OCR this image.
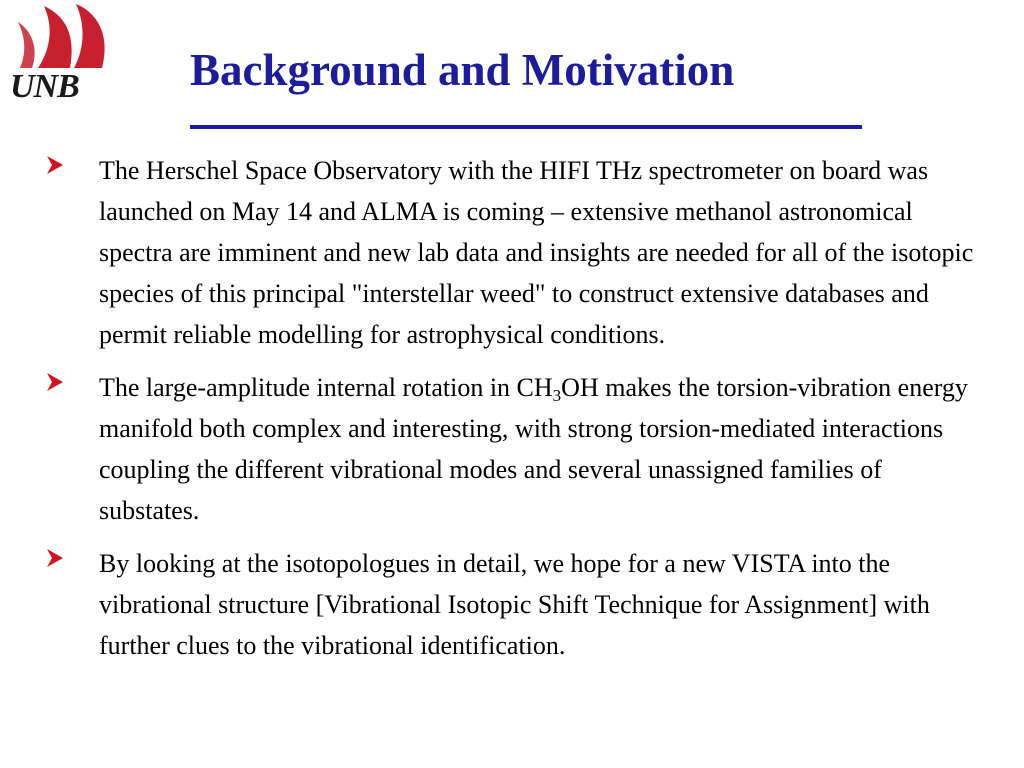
UNB Background and Motivation
The Herschel Space Observatory with the HIFI THz spectrometer on board was launched on May 14 and ALMA is coming – extensive methanol astronomical spectra are imminent and new lab data and insights are needed for all of the isotopic species of this principal "interstellar weed" to construct extensive databases and permit reliable modelling for astrophysical conditions.
The large-amplitude internal rotation in $CH_3OH$ makes the torsion-vibration energy manifold both complex and interesting, with strong torsion-mediated interactions coupling the different vibrational modes and several unassigned families of substates.
By looking at the isotopologues in detail, we hope for a new VISTA into the vibrational structure [Vibrational Isotopic Shift Technique for Assignment] with further clues to the vibrational identification.
